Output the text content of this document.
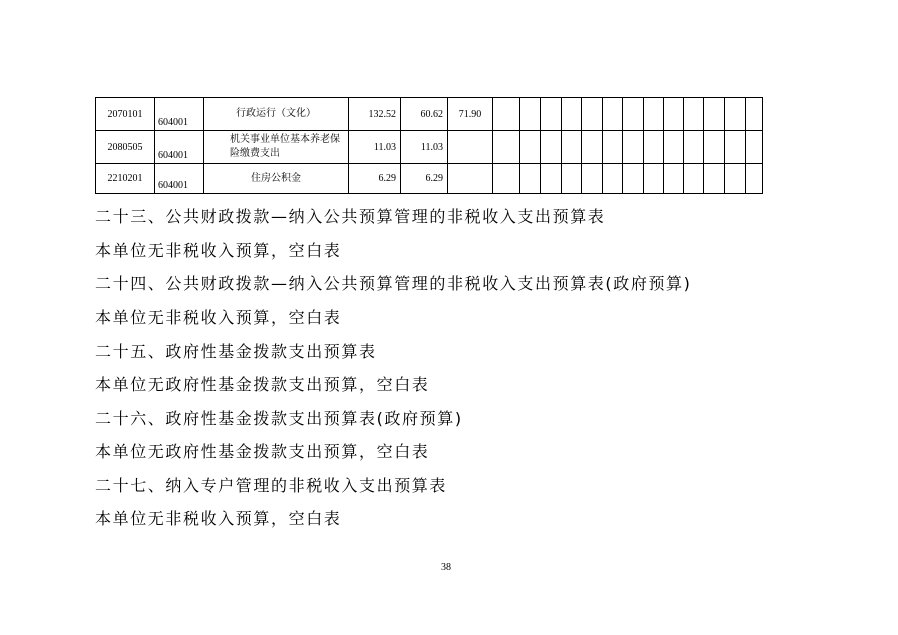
2070101	604001	行政运行（文化）	132.52	60.62	71.90													
2080505	604001	机关事业单位基本养老保险缴费支出	11.03	11.03														
2210201	604001	住房公积金	6.29	6.29														
二十三、公共财政拨款—纳入公共预算管理的非税收入支出预算表
本单位无非税收入预算，空白表
二十四、公共财政拨款—纳入公共预算管理的非税收入支出预算表(政府预算)
本单位无非税收入预算，空白表
二十五、政府性基金拨款支出预算表
本单位无政府性基金拨款支出预算，空白表
二十六、政府性基金拨款支出预算表(政府预算)
本单位无政府性基金拨款支出预算，空白表
二十七、纳入专户管理的非税收入支出预算表
本单位无非税收入预算，空白表
38
